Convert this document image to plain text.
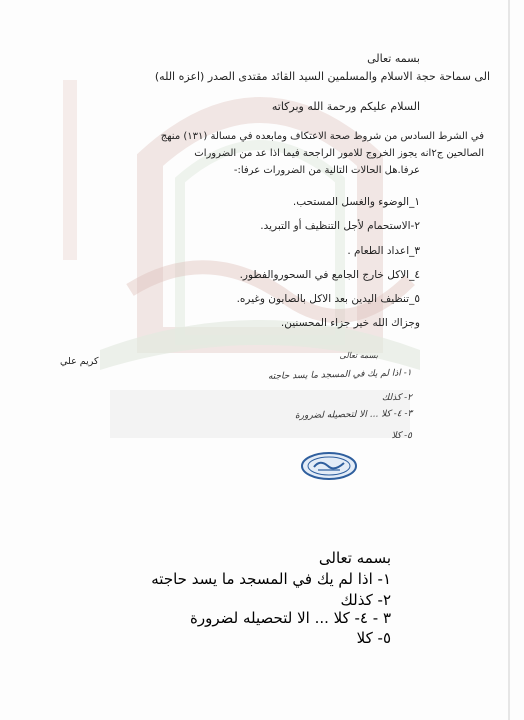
بسمه تعالى
الى سماحة حجة الاسلام والمسلمين السيد القائد مقتدى الصدر (اعزه الله)
السلام عليكم ورحمة الله وبركاته
في الشرط السادس من شروط صحة الاعتكاف ومابعده في مسالة (١٣١) منهج
الصالحين ج٢انه يجوز الخروج للامور الراجحة فيما اذا عد من الضرورات
عرفا.هل الحالات التالية من الضرورات عرفا:-
١_الوضوء والغسل المستحب.
٢-الاستحمام لأجل التنظيف أو التبريد.
٣_اعداد الطعام .
٤_الاكل خارج الجامع في السحوروالفطور.
٥_تنظيف اليدين بعد الاكل بالصابون وغيره.
وجزاك الله خير جزاء المحسنين.
كريم علي
بسمه تعالى
١- اذا لم يك في المسجد ما يسد حاجته
٢- كذلك
٣- ٤- كلا ... الا لتحصيله لضرورة
٥- كلا
بسمه تعالى
١- اذا لم يك في المسجد ما يسد حاجته
٢- كذلك
٣ - ٤- كلا ... الا لتحصيله لضرورة
٥- كلا
